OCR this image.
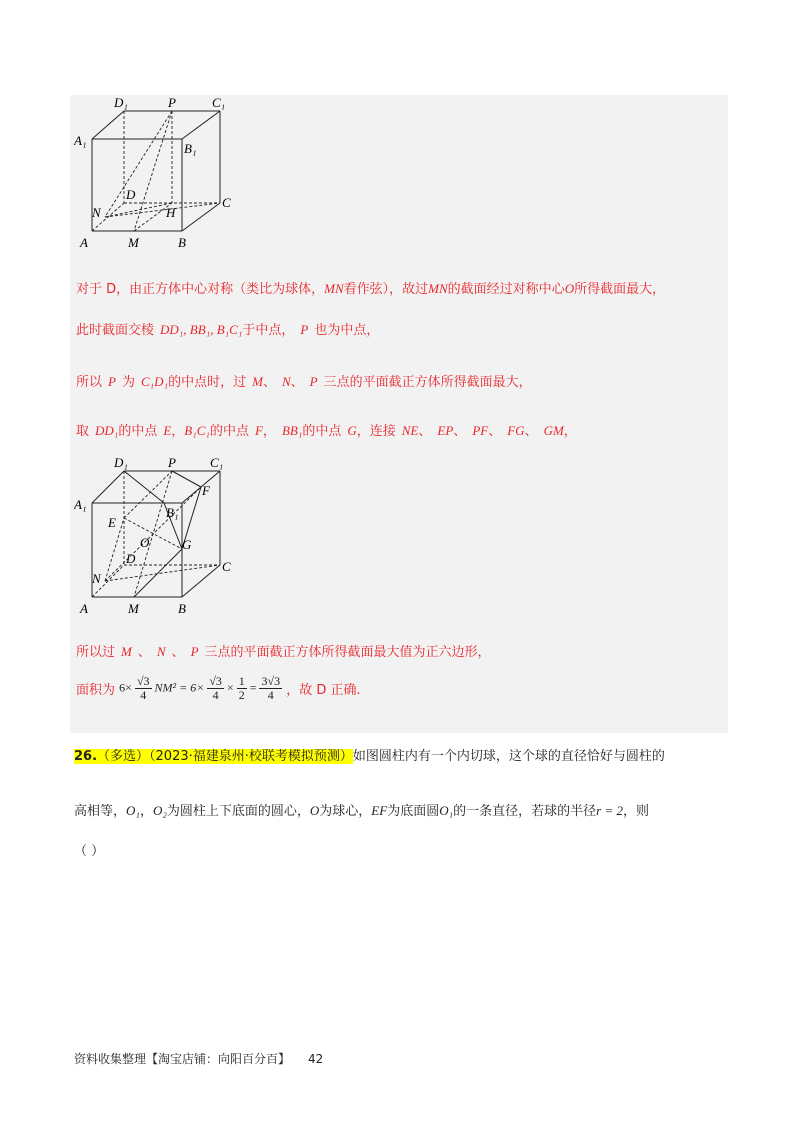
D₁	P	C₁
A₁
B₁
D
N	H
C
A	M	B
对于 D，由正方体中心对称（类比为球体，MN看作弦），故过MN的截面经过对称中心O所得截面最大，
此时截面交棱 DD₁, BB₁, B₁C₁于中点， P 也为中点，
所以 P 为 C₁D₁的中点时，过 M、 N、 P 三点的平面截正方体所得截面最大，
取 DD₁的中点 E，B₁C₁的中点 F， BB₁的中点 G，连接 NE、 EP、 PF、 FG、 GM，
D₁	P	C₁
A₁
F
B₁
E
O	G
D
N
C
A	M	B
所以过 M 、 N 、 P 三点的平面截正方体所得截面最大值为正六边形，
面积为 $6\times \frac{√3}{4} NM^2 = 6\times \frac{√3}{4} \times \frac{1}{2} = \frac{3√3}{4}$ ，故 D 正确.
26.（多选）（2023·福建泉州·校联考模拟预测）如图圆柱内有一个内切球，这个球的直径恰好与圆柱的
高相等，O₁，O₂为圆柱上下底面的圆心，O为球心，EF为底面圆O₁的一条直径，若球的半径r = 2，则
（ ）
资料收集整理【淘宝店铺：向阳百分百】 42
